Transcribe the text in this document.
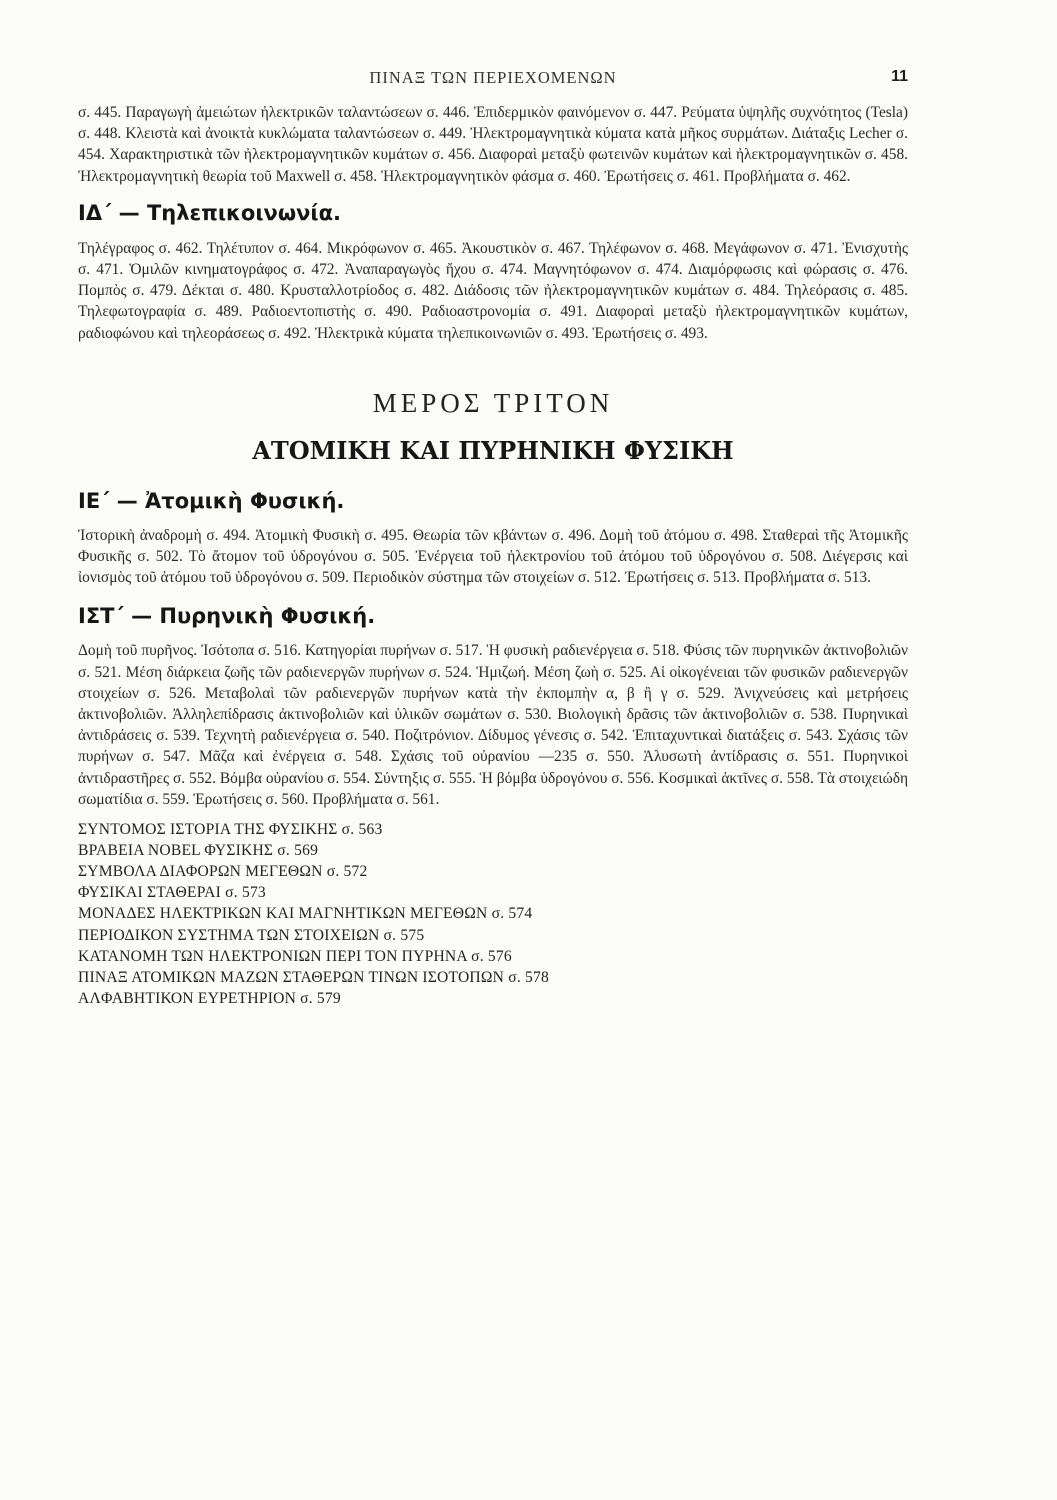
ΠΙΝΑΞ ΤΩΝ ΠΕΡΙΕΧΟΜΕΝΩΝ	11

σ. 445. Παραγωγὴ ἀμειώτων ἠλεκτρικῶν ταλαντώσεων σ. 446. Ἐπιδερμικὸν φαινόμενον σ. 447. Ρεύματα ὑψηλῆς συχνότητος (Tesla) σ. 448. Κλειστὰ καὶ ἀνοικτὰ κυκλώματα ταλαντώσεων σ. 449. Ἠλεκτρομαγνητικὰ κύματα κατὰ μῆκος συρμάτων. Διάταξις Lecher σ. 454. Χαρακτηριστικὰ τῶν ἠλεκτρομαγνητικῶν κυμάτων σ. 456. Διαφοραὶ μεταξὺ φωτεινῶν κυμάτων καὶ ἠλεκτρομαγνητικῶν σ. 458. Ἠλεκτρομαγνητικὴ θεωρία τοῦ Maxwell σ. 458. Ἠλεκτρομαγνητικὸν φάσμα σ. 460. Ἐρωτήσεις σ. 461. Προβλήματα σ. 462.

ΙΔ΄ — Τηλεπικοινωνία.

Τηλέγραφος σ. 462. Τηλέτυπον σ. 464. Μικρόφωνον σ. 465. Ἀκουστικὸν σ. 467. Τηλέφωνον σ. 468. Μεγάφωνον σ. 471. Ἐνισχυτὴς σ. 471. Ὁμιλῶν κινηματογράφος σ. 472. Ἀναπαραγωγὸς ἤχου σ. 474. Μαγνητόφωνον σ. 474. Διαμόρφωσις καὶ φώρασις σ. 476. Πομπὸς σ. 479. Δέκται σ. 480. Κρυσταλλοτρίοδος σ. 482. Διάδοσις τῶν ἠλεκτρομαγνητικῶν κυμάτων σ. 484. Τηλεόρασις σ. 485. Τηλεφωτογραφία σ. 489. Ραδιοεντοπιστὴς σ. 490. Ραδιοαστρονομία σ. 491. Διαφοραὶ μεταξὺ ἠλεκτρομαγνητικῶν κυμάτων, ραδιοφώνου καὶ τηλεοράσεως σ. 492. Ἠλεκτρικὰ κύματα τηλεπικοινωνιῶν σ. 493. Ἐρωτήσεις σ. 493.

ΜΕΡΟΣ ΤΡΙΤΟΝ
ΑΤΟΜΙΚΗ ΚΑΙ ΠΥΡΗΝΙΚΗ ΦΥΣΙΚΗ
ΙΕ΄ — Ἀτομικὴ Φυσική.

Ἱστορικὴ ἀναδρομὴ σ. 494. Ἀτομικὴ Φυσικὴ σ. 495. Θεωρία τῶν κβάντων σ. 496. Δομὴ τοῦ ἀτόμου σ. 498. Σταθεραὶ τῆς Ἀτομικῆς Φυσικῆς σ. 502. Τὸ ἄτομον τοῦ ὑδρογόνου σ. 505. Ἐνέργεια τοῦ ἠλεκτρονίου τοῦ ἀτόμου τοῦ ὑδρογόνου σ. 508. Διέγερσις καὶ ἰονισμὸς τοῦ ἀτόμου τοῦ ὑδρογόνου σ. 509. Περιοδικὸν σύστημα τῶν στοιχείων σ. 512. Ἐρωτήσεις σ. 513. Προβλήματα σ. 513.

ΙΣΤ΄ — Πυρηνικὴ Φυσική.

Δομὴ τοῦ πυρῆνος. Ἰσότοπα σ. 516. Κατηγορίαι πυρήνων σ. 517. Ἡ φυσικὴ ραδιενέργεια σ. 518. Φύσις τῶν πυρηνικῶν ἀκτινοβολιῶν σ. 521. Μέση διάρκεια ζωῆς τῶν ραδιενεργῶν πυρήνων σ. 524. Ἡμιζωή. Μέση ζωὴ σ. 525. Αἱ οἰκογένειαι τῶν φυσικῶν ραδιενεργῶν στοιχείων σ. 526. Μεταβολαὶ τῶν ραδιενεργῶν πυρήνων κατὰ τὴν ἐκπομπὴν α, β ἢ γ σ. 529. Ἀνιχνεύσεις καὶ μετρήσεις ἀκτινοβολιῶν. Ἀλληλεπίδρασις ἀκτινοβολιῶν καὶ ὑλικῶν σωμάτων σ. 530. Βιολογικὴ δρᾶσις τῶν ἀκτινοβολιῶν σ. 538. Πυρηνικαὶ ἀντιδράσεις σ. 539. Τεχνητὴ ραδιενέργεια σ. 540. Ποζιτρόνιον. Δίδυμος γένεσις σ. 542. Ἐπιταχυντικαὶ διατάξεις σ. 543. Σχάσις τῶν πυρήνων σ. 547. Μᾶζα καὶ ἐνέργεια σ. 548. Σχάσις τοῦ οὐρανίου —235 σ. 550. Ἁλυσωτὴ ἀντίδρασις σ. 551. Πυρηνικοὶ ἀντιδραστῆρες σ. 552. Βόμβα οὐρανίου σ. 554. Σύντηξις σ. 555. Ἡ βόμβα ὑδρογόνου σ. 556. Κοσμικαὶ ἀκτῖνες σ. 558. Τὰ στοιχειώδη σωματίδια σ. 559. Ἐρωτήσεις σ. 560. Προβλήματα σ. 561.

ΣΥΝΤΟΜΟΣ ΙΣΤΟΡΙΑ ΤΗΣ ΦΥΣΙΚΗΣ σ. 563
ΒΡΑΒΕΙΑ NOBEL ΦΥΣΙΚΗΣ σ. 569
ΣΥΜΒΟΛΑ ΔΙΑΦΟΡΩΝ ΜΕΓΕΘΩΝ σ. 572
ΦΥΣΙΚΑΙ ΣΤΑΘΕΡΑΙ σ. 573
ΜΟΝΑΔΕΣ ΗΛΕΚΤΡΙΚΩΝ ΚΑΙ ΜΑΓΝΗΤΙΚΩΝ ΜΕΓΕΘΩΝ σ. 574
ΠΕΡΙΟΔΙΚΟΝ ΣΥΣΤΗΜΑ ΤΩΝ ΣΤΟΙΧΕΙΩΝ σ. 575
ΚΑΤΑΝΟΜΗ ΤΩΝ ΗΛΕΚΤΡΟΝΙΩΝ ΠΕΡΙ ΤΟΝ ΠΥΡΗΝΑ σ. 576
ΠΙΝΑΞ ΑΤΟΜΙΚΩΝ ΜΑΖΩΝ ΣΤΑΘΕΡΩΝ ΤΙΝΩΝ ΙΣΟΤΟΠΩΝ σ. 578
ΑΛΦΑΒΗΤΙΚΟΝ ΕΥΡΕΤΗΡΙΟΝ σ. 579
